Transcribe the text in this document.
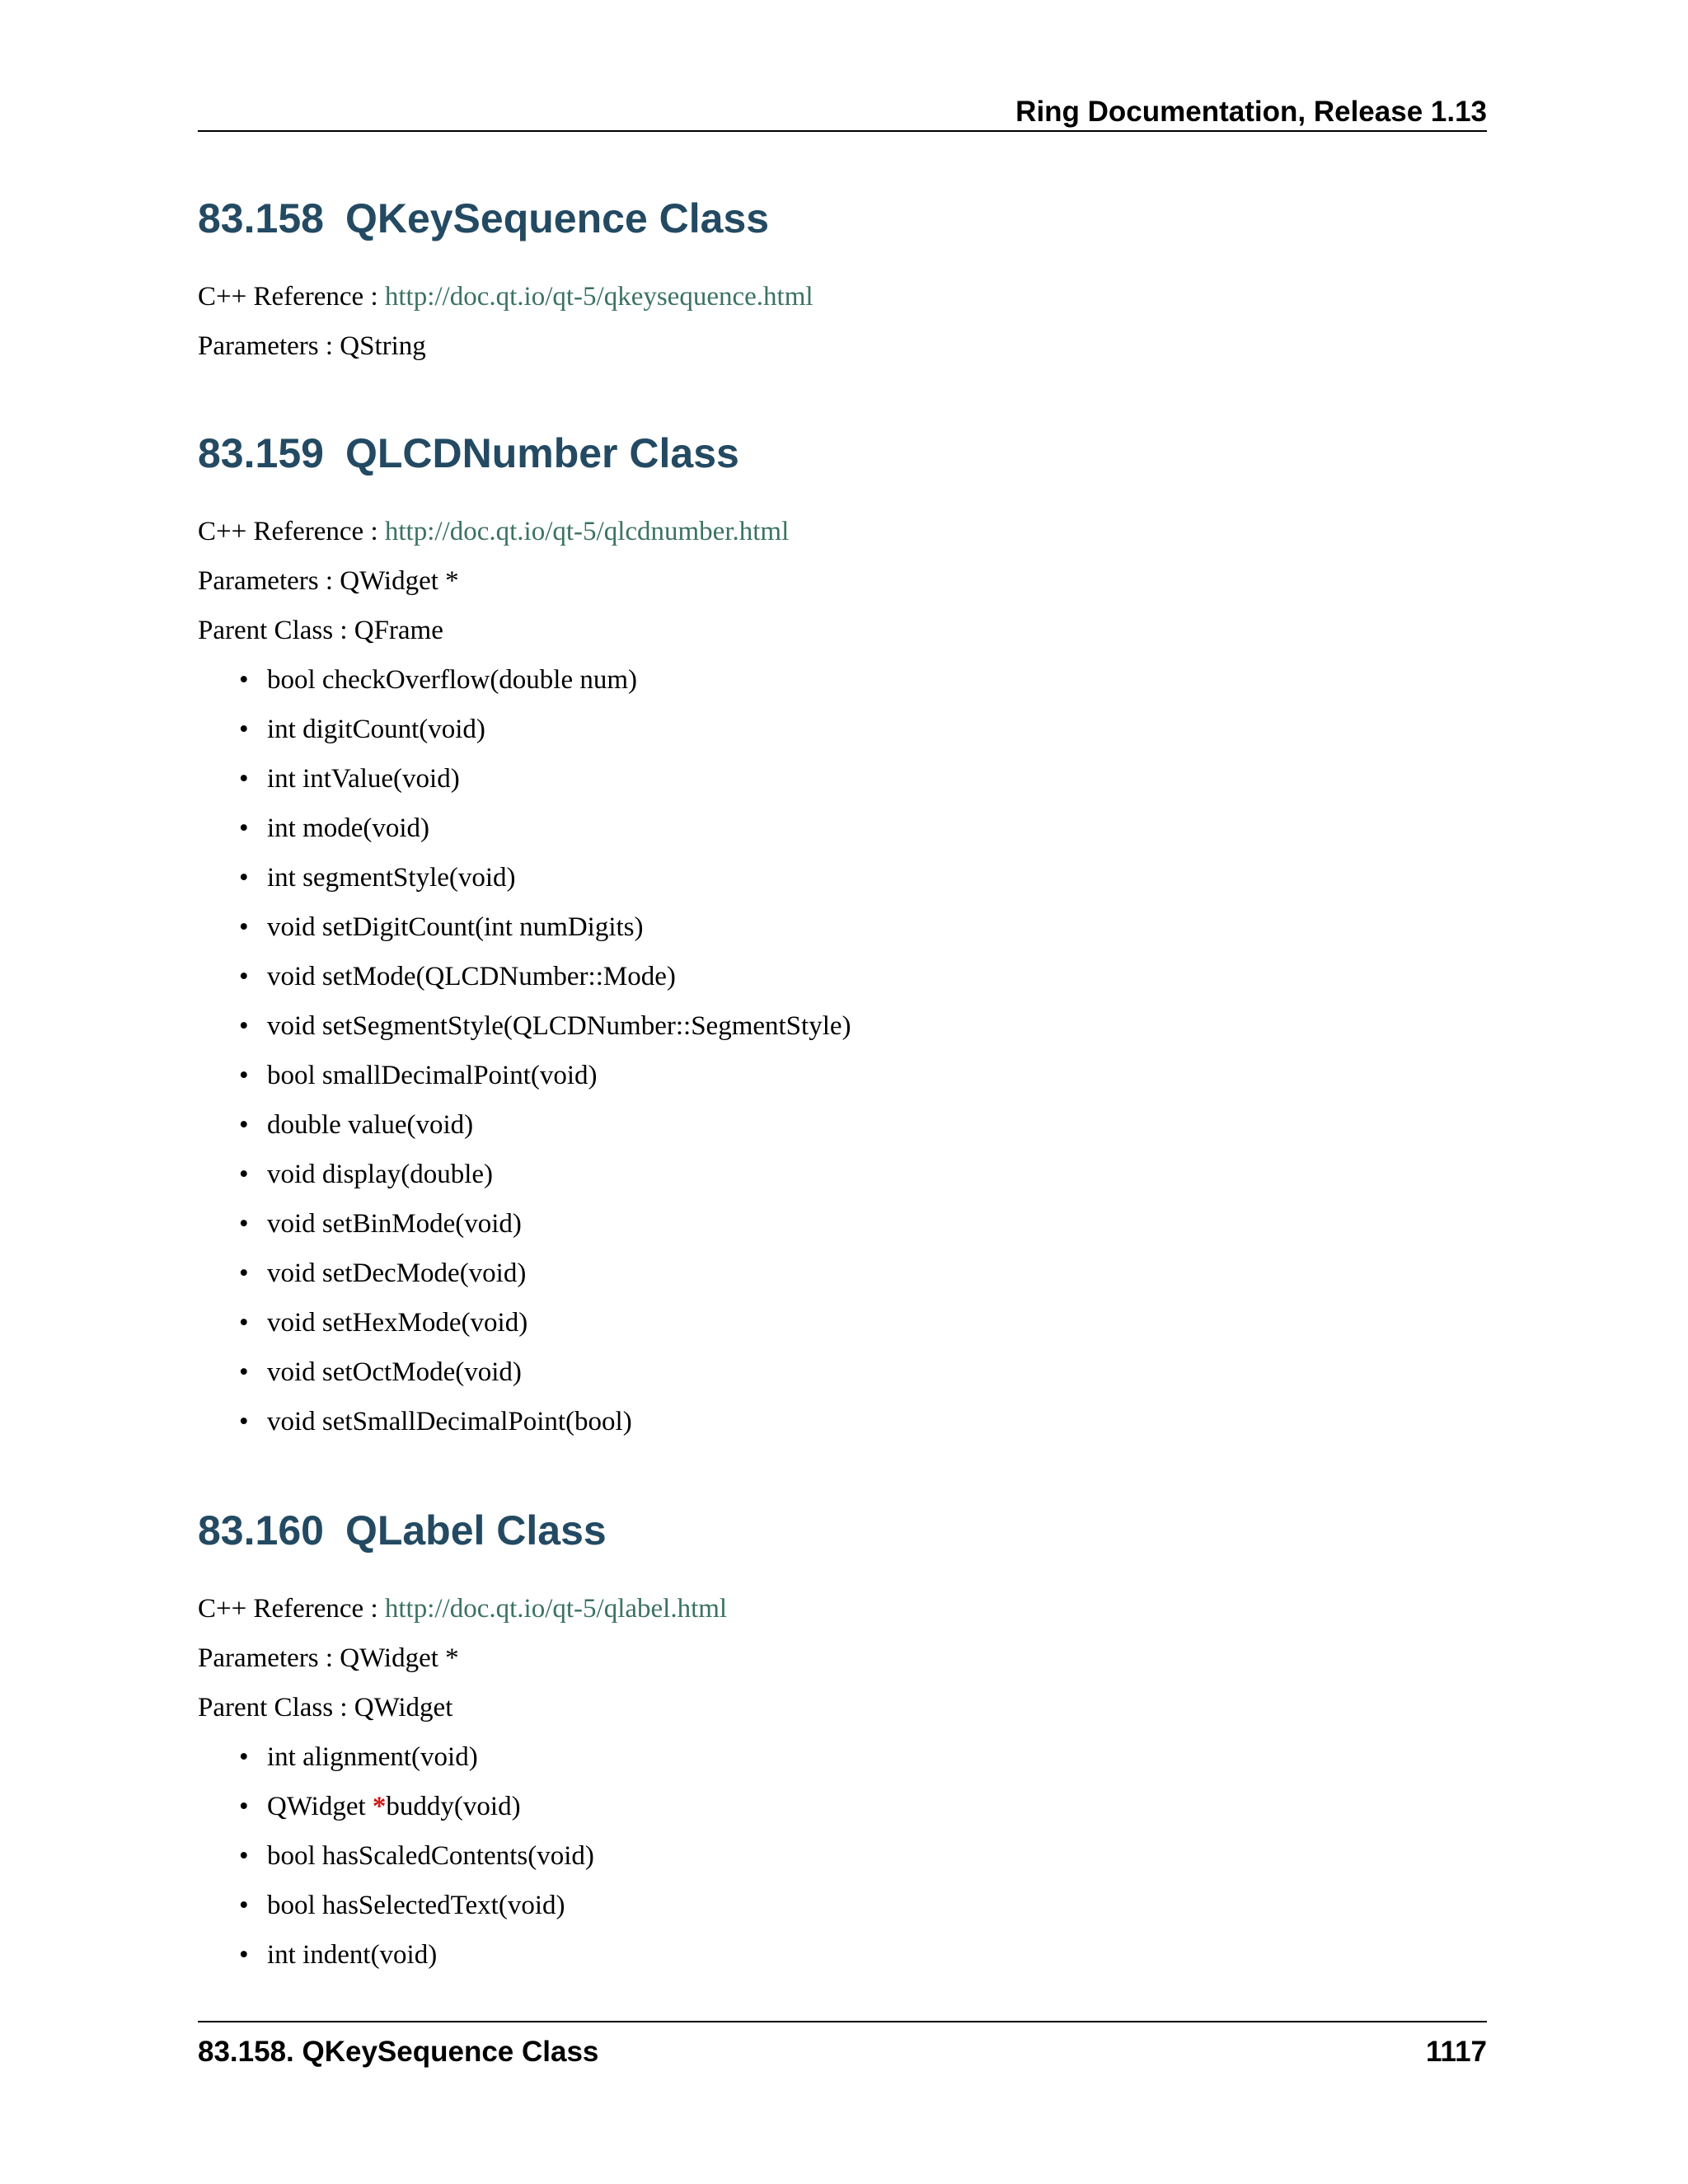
Ring Documentation, Release 1.13
83.158 QKeySequence Class
C++ Reference : http://doc.qt.io/qt-5/qkeysequence.html
Parameters : QString
83.159 QLCDNumber Class
C++ Reference : http://doc.qt.io/qt-5/qlcdnumber.html
Parameters : QWidget *
Parent Class : QFrame
• bool checkOverflow(double num)
• int digitCount(void)
• int intValue(void)
• int mode(void)
• int segmentStyle(void)
• void setDigitCount(int numDigits)
• void setMode(QLCDNumber::Mode)
• void setSegmentStyle(QLCDNumber::SegmentStyle)
• bool smallDecimalPoint(void)
• double value(void)
• void display(double)
• void setBinMode(void)
• void setDecMode(void)
• void setHexMode(void)
• void setOctMode(void)
• void setSmallDecimalPoint(bool)
83.160 QLabel Class
C++ Reference : http://doc.qt.io/qt-5/qlabel.html
Parameters : QWidget *
Parent Class : QWidget
• int alignment(void)
• QWidget *buddy(void)
• bool hasScaledContents(void)
• bool hasSelectedText(void)
• int indent(void)
83.158. QKeySequence Class	1117
